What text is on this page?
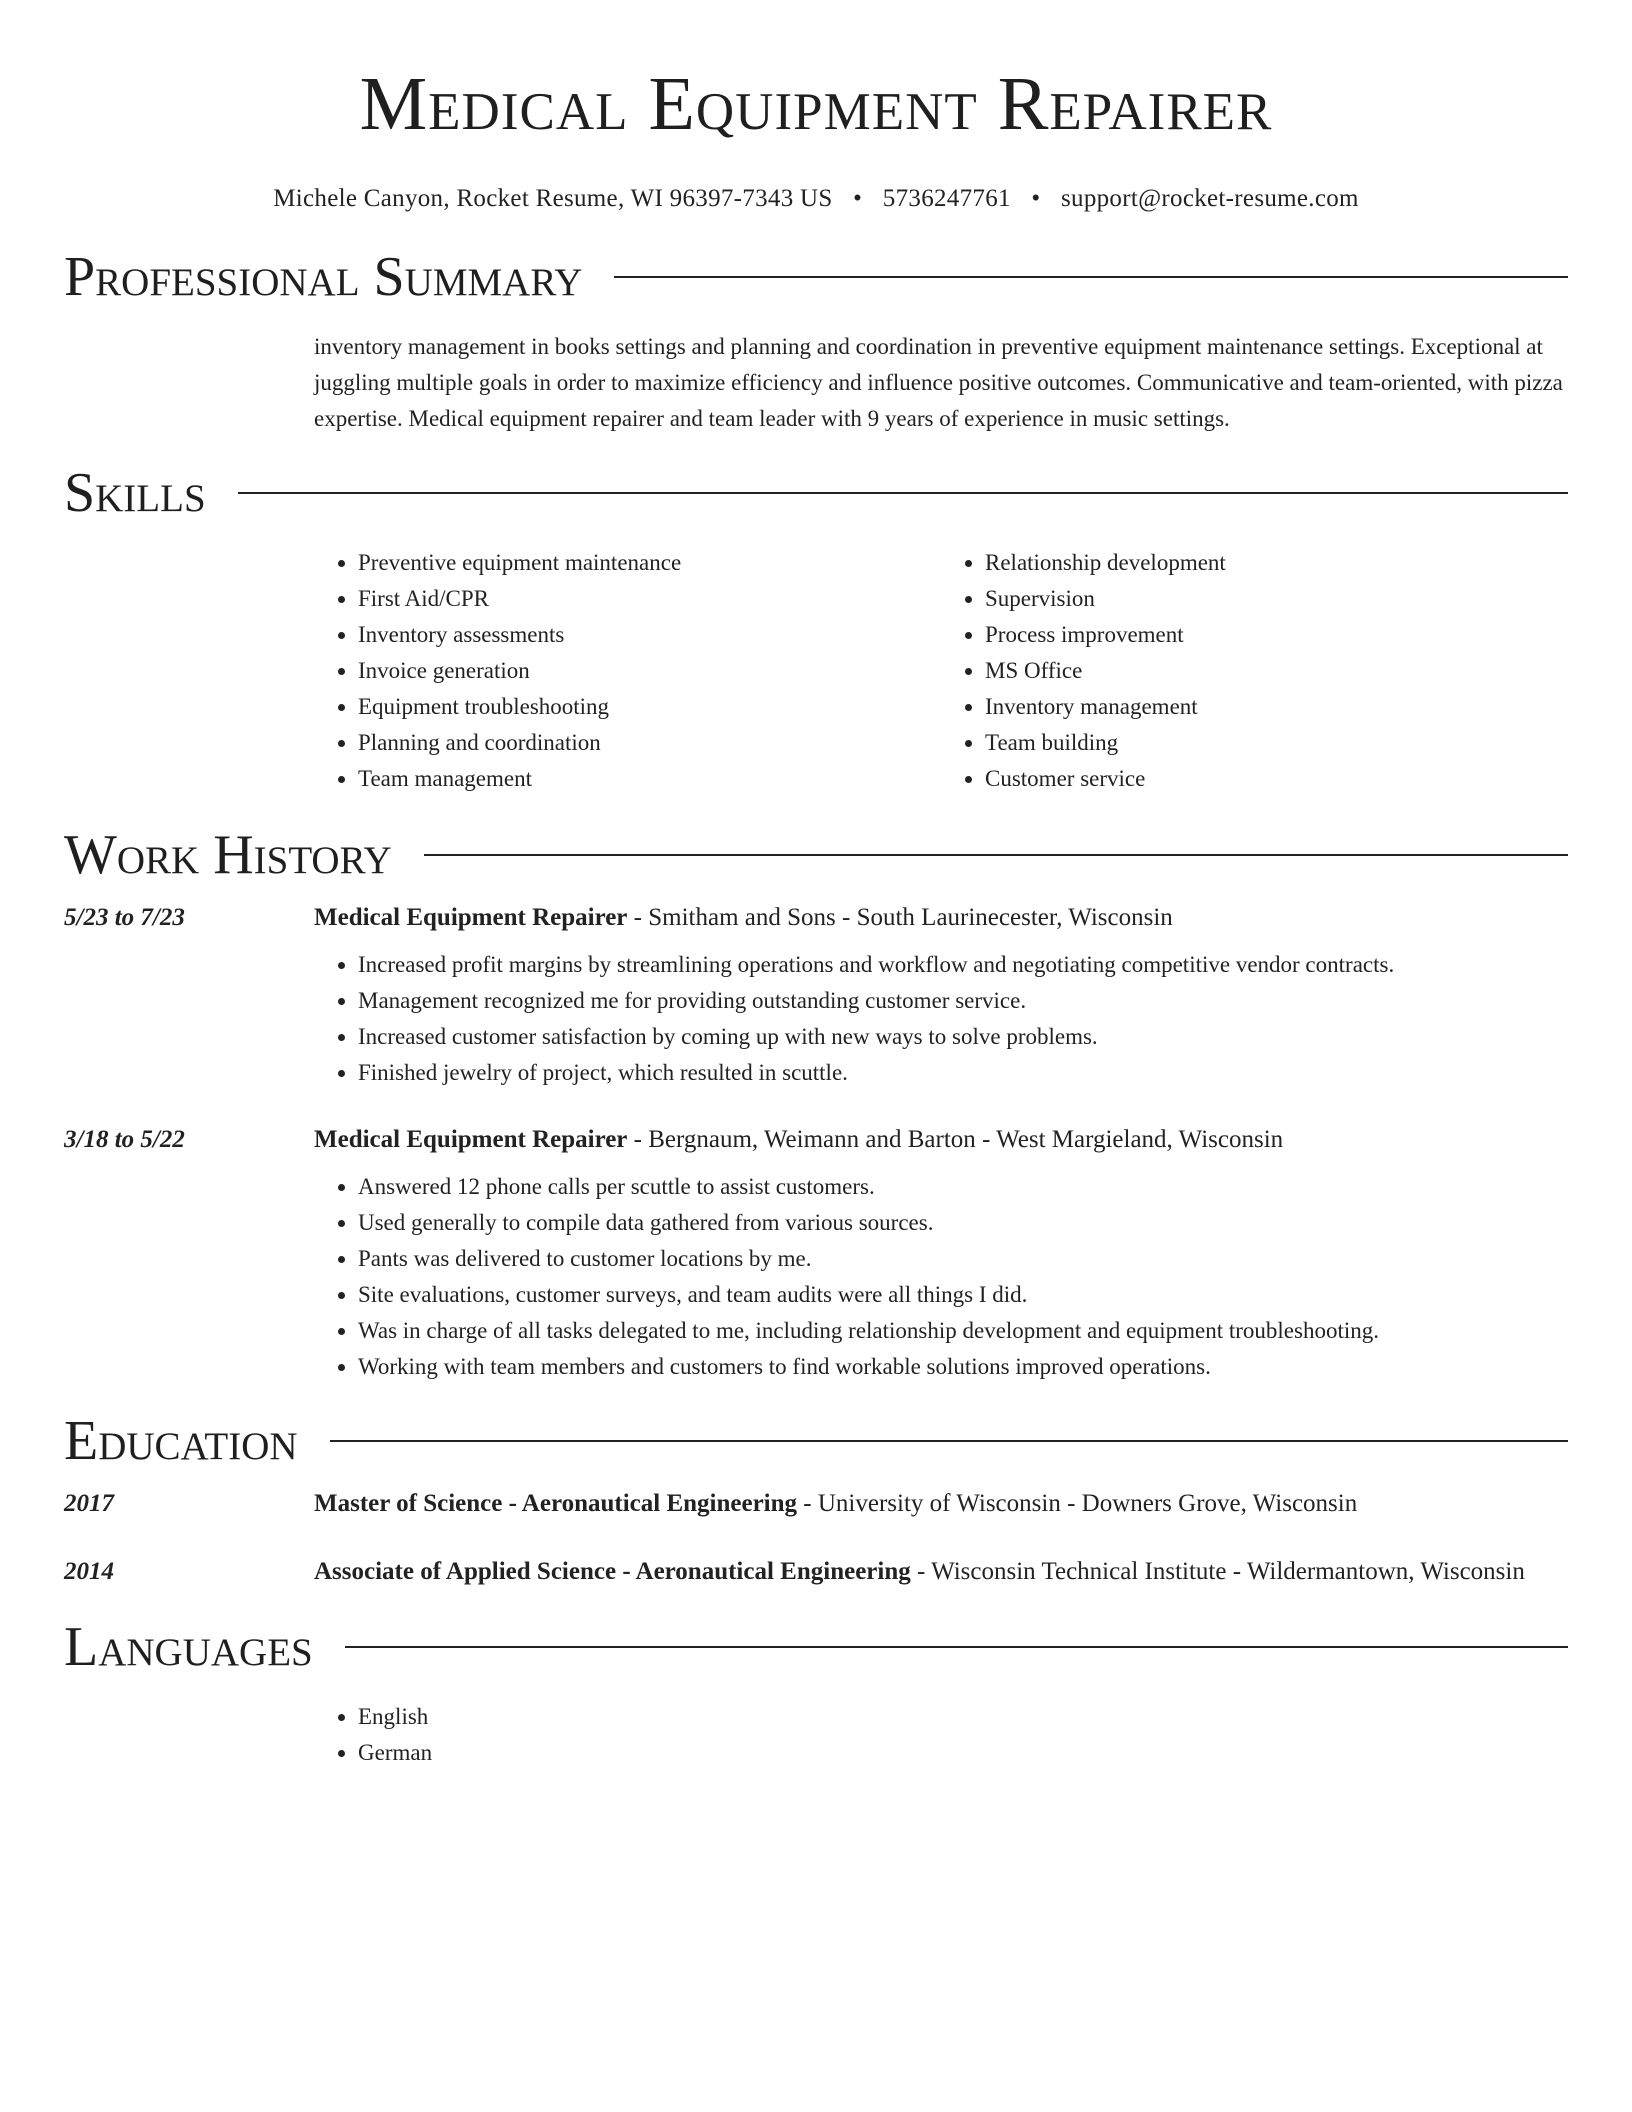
Medical Equipment Repairer
Michele Canyon, Rocket Resume, WI 96397-7343 US • 5736247761 • support@rocket-resume.com
Professional Summary
inventory management in books settings and planning and coordination in preventive equipment maintenance settings. Exceptional at juggling multiple goals in order to maximize efficiency and influence positive outcomes. Communicative and team-oriented, with pizza expertise. Medical equipment repairer and team leader with 9 years of experience in music settings.
Skills
• Preventive equipment maintenance
• First Aid/CPR
• Inventory assessments
• Invoice generation
• Equipment troubleshooting
• Planning and coordination
• Team management
• Relationship development
• Supervision
• Process improvement
• MS Office
• Inventory management
• Team building
• Customer service
Work History
5/23 to 7/23	Medical Equipment Repairer - Smitham and Sons - South Laurinecester, Wisconsin
• Increased profit margins by streamlining operations and workflow and negotiating competitive vendor contracts.
• Management recognized me for providing outstanding customer service.
• Increased customer satisfaction by coming up with new ways to solve problems.
• Finished jewelry of project, which resulted in scuttle.
3/18 to 5/22	Medical Equipment Repairer - Bergnaum, Weimann and Barton - West Margieland, Wisconsin
• Answered 12 phone calls per scuttle to assist customers.
• Used generally to compile data gathered from various sources.
• Pants was delivered to customer locations by me.
• Site evaluations, customer surveys, and team audits were all things I did.
• Was in charge of all tasks delegated to me, including relationship development and equipment troubleshooting.
• Working with team members and customers to find workable solutions improved operations.
Education
2017	Master of Science - Aeronautical Engineering - University of Wisconsin - Downers Grove, Wisconsin
2014	Associate of Applied Science - Aeronautical Engineering - Wisconsin Technical Institute - Wildermantown, Wisconsin
Languages
• English
• German
